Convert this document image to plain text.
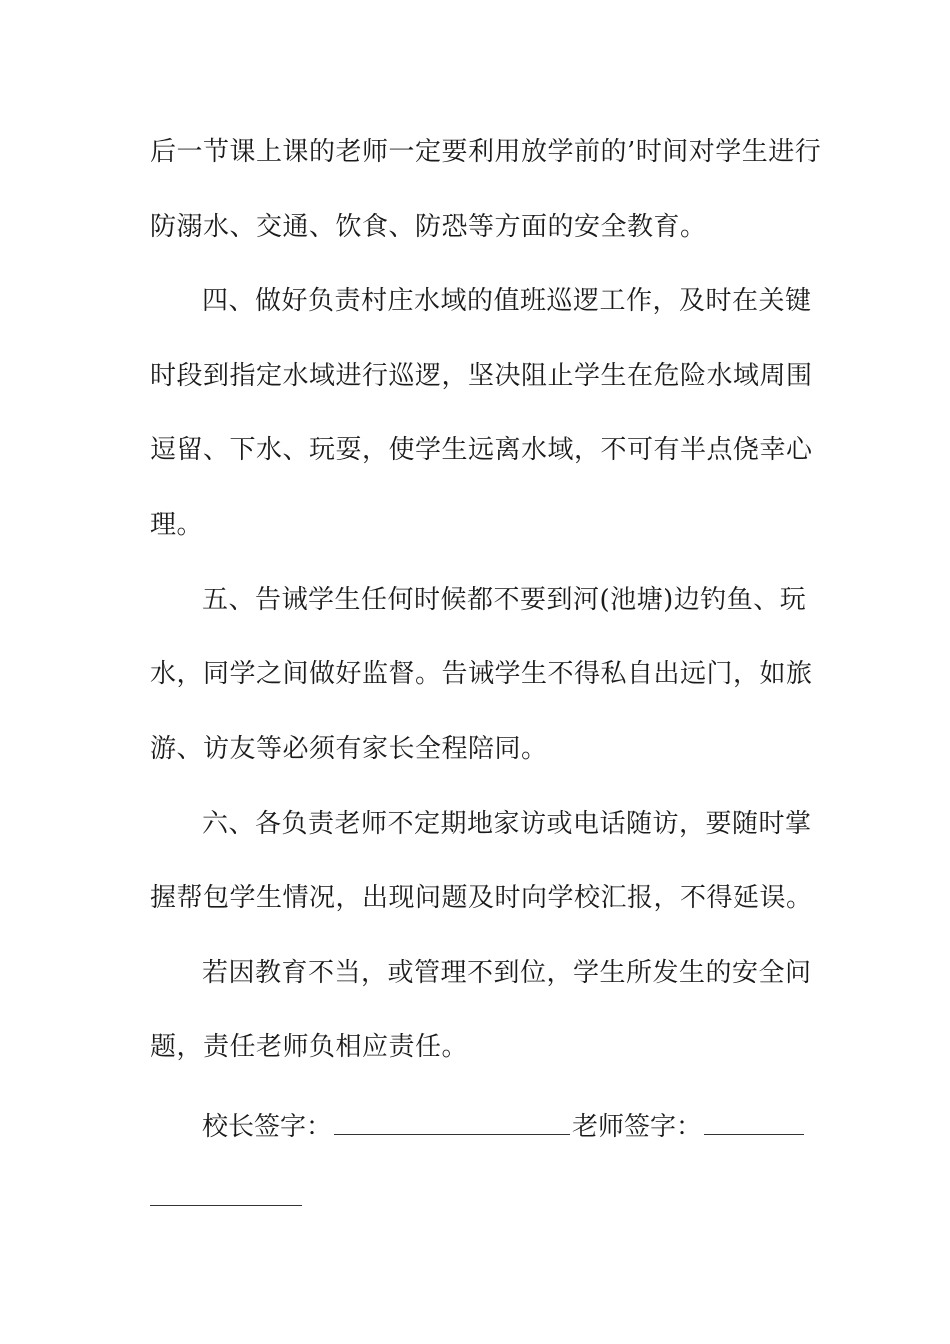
后一节课上课的老师一定要利用放学前的’时间对学生进行
防溺水、交通、饮食、防恐等方面的安全教育。
四、做好负责村庄水域的值班巡逻工作，及时在关键
时段到指定水域进行巡逻，坚决阻止学生在危险水域周围
逗留、下水、玩耍，使学生远离水域，不可有半点侥幸心
理。
五、告诫学生任何时候都不要到河(池塘)边钓鱼、玩
水，同学之间做好监督。告诫学生不得私自出远门，如旅
游、访友等必须有家长全程陪同。
六、各负责老师不定期地家访或电话随访，要随时掌
握帮包学生情况，出现问题及时向学校汇报，不得延误。
若因教育不当，或管理不到位，学生所发生的安全问
题，责任老师负相应责任。
校长签字：	老师签字：
